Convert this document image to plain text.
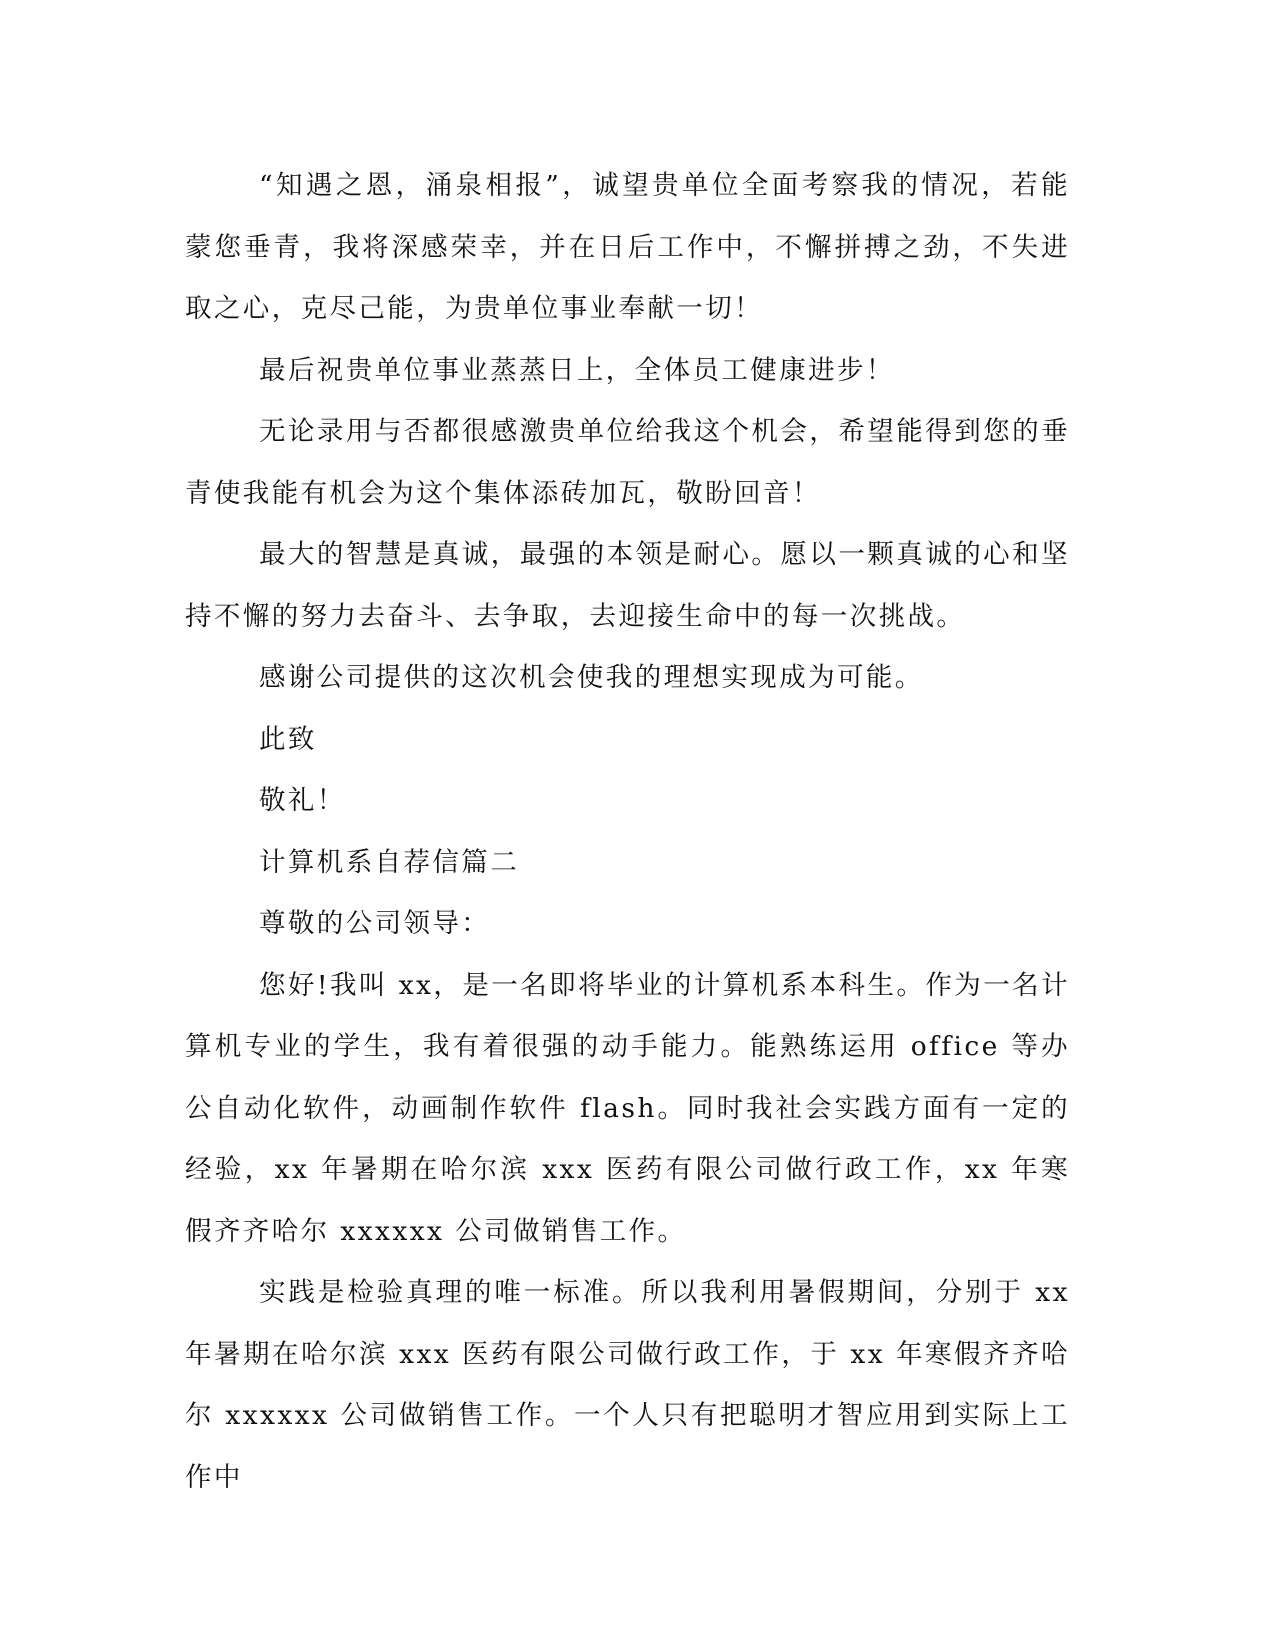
“知遇之恩，涌泉相报”，诚望贵单位全面考察我的情况，若能蒙您垂青，我将深感荣幸，并在日后工作中，不懈拼搏之劲，不失进取之心，克尽己能，为贵单位事业奉献一切！

最后祝贵单位事业蒸蒸日上，全体员工健康进步！

无论录用与否都很感激贵单位给我这个机会，希望能得到您的垂青使我能有机会为这个集体添砖加瓦，敬盼回音！

最大的智慧是真诚，最强的本领是耐心。愿以一颗真诚的心和坚持不懈的努力去奋斗、去争取，去迎接生命中的每一次挑战。

感谢公司提供的这次机会使我的理想实现成为可能。

此致

敬礼！

计算机系自荐信篇二

尊敬的公司领导：

您好!我叫 xx，是一名即将毕业的计算机系本科生。作为一名计算机专业的学生，我有着很强的动手能力。能熟练运用 office 等办公自动化软件，动画制作软件 flash。同时我社会实践方面有一定的经验，xx 年暑期在哈尔滨 xxx 医药有限公司做行政工作，xx 年寒假齐齐哈尔 xxxxxx 公司做销售工作。

实践是检验真理的唯一标准。所以我利用暑假期间，分别于 xx 年暑期在哈尔滨 xxx 医药有限公司做行政工作，于 xx 年寒假齐齐哈尔 xxxxxx 公司做销售工作。一个人只有把聪明才智应用到实际上工作中
